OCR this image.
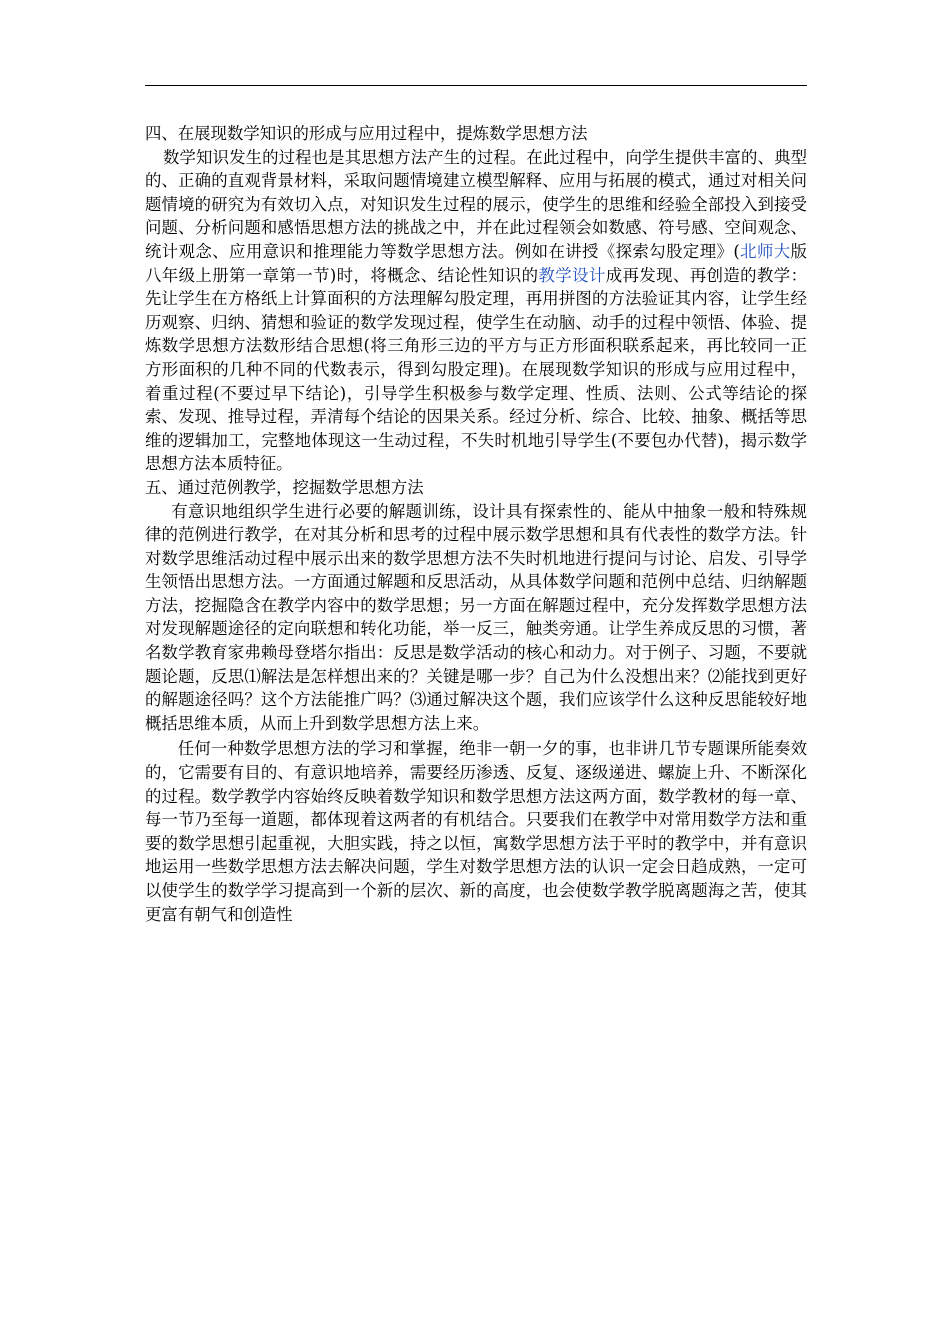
四、在展现数学知识的形成与应用过程中，提炼数学思想方法

数学知识发生的过程也是其思想方法产生的过程。在此过程中，向学生提供丰富的、典型的、正确的直观背景材料，采取问题情境建立模型解释、应用与拓展的模式，通过对相关问题情境的研究为有效切入点，对知识发生过程的展示，使学生的思维和经验全部投入到接受问题、分析问题和感悟思想方法的挑战之中，并在此过程领会如数感、符号感、空间观念、统计观念、应用意识和推理能力等数学思想方法。例如在讲授《探索勾股定理》(北师大版八年级上册第一章第一节)时，将概念、结论性知识的教学设计成再发现、再创造的教学：先让学生在方格纸上计算面积的方法理解勾股定理，再用拼图的方法验证其内容，让学生经历观察、归纳、猜想和验证的数学发现过程，使学生在动脑、动手的过程中领悟、体验、提炼数学思想方法数形结合思想(将三角形三边的平方与正方形面积联系起来，再比较同一正方形面积的几种不同的代数表示，得到勾股定理)。在展现数学知识的形成与应用过程中，着重过程(不要过早下结论)，引导学生积极参与数学定理、性质、法则、公式等结论的探索、发现、推导过程，弄清每个结论的因果关系。经过分析、综合、比较、抽象、概括等思维的逻辑加工，完整地体现这一生动过程，不失时机地引导学生(不要包办代替)，揭示数学思想方法本质特征。

五、通过范例教学，挖掘数学思想方法

有意识地组织学生进行必要的解题训练，设计具有探索性的、能从中抽象一般和特殊规律的范例进行教学，在对其分析和思考的过程中展示数学思想和具有代表性的数学方法。针对数学思维活动过程中展示出来的数学思想方法不失时机地进行提问与讨论、启发、引导学生领悟出思想方法。一方面通过解题和反思活动，从具体数学问题和范例中总结、归纳解题方法，挖掘隐含在教学内容中的数学思想；另一方面在解题过程中，充分发挥数学思想方法对发现解题途径的定向联想和转化功能，举一反三，触类旁通。让学生养成反思的习惯，著名数学教育家弗赖母登塔尔指出：反思是数学活动的核心和动力。对于例子、习题，不要就题论题，反思⑴解法是怎样想出来的？关键是哪一步？自己为什么没想出来？⑵能找到更好的解题途径吗？这个方法能推广吗？⑶通过解决这个题，我们应该学什么这种反思能较好地概括思维本质，从而上升到数学思想方法上来。

任何一种数学思想方法的学习和掌握，绝非一朝一夕的事，也非讲几节专题课所能奏效的，它需要有目的、有意识地培养，需要经历渗透、反复、逐级递进、螺旋上升、不断深化的过程。数学教学内容始终反映着数学知识和数学思想方法这两方面，数学教材的每一章、每一节乃至每一道题，都体现着这两者的有机结合。只要我们在教学中对常用数学方法和重要的数学思想引起重视，大胆实践，持之以恒，寓数学思想方法于平时的教学中，并有意识地运用一些数学思想方法去解决问题，学生对数学思想方法的认识一定会日趋成熟，一定可以使学生的数学学习提高到一个新的层次、新的高度，也会使数学教学脱离题海之苦，使其更富有朝气和创造性
